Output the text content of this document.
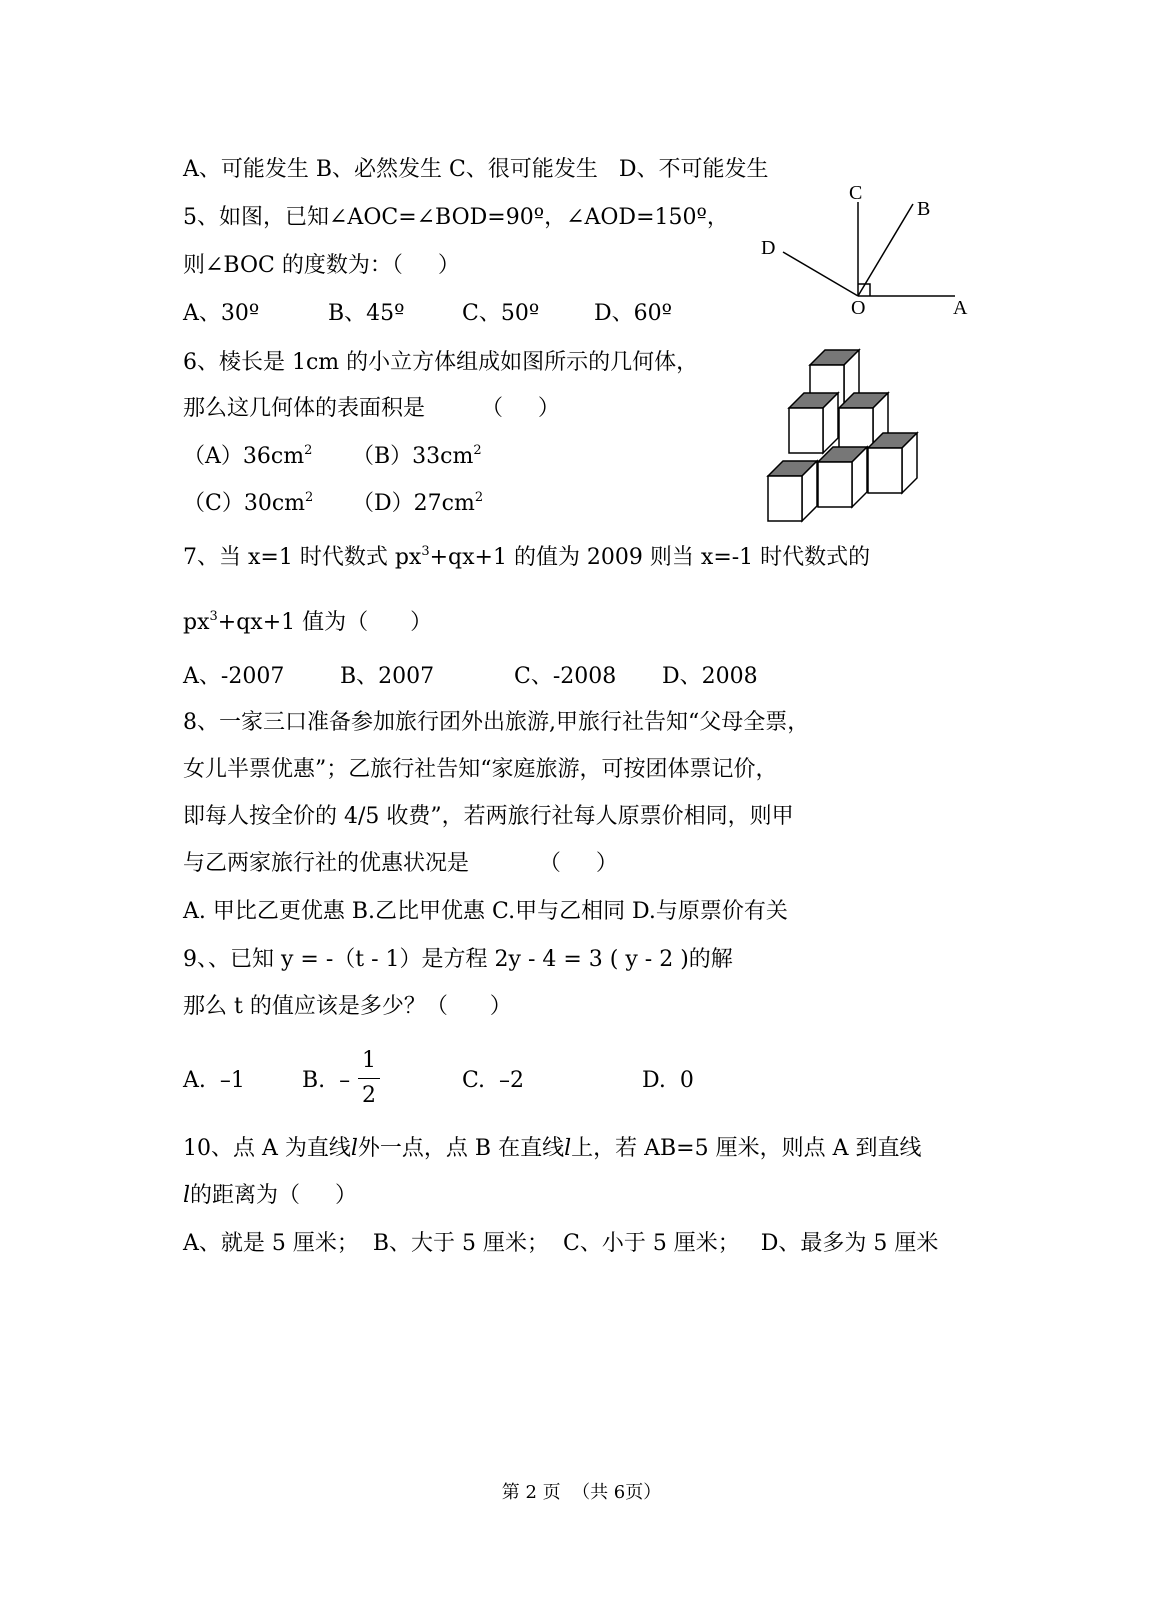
A、可能发生 B、必然发生 C、很可能发生   D、不可能发生
5、如图，已知∠AOC=∠BOD=90º，∠AOD=150º，
则∠BOC 的度数为：（     ）
A、30º	B、45º	C、50º D、60º
C
B
D
O	A
6、棱长是 1cm 的小立方体组成如图所示的几何体，
那么这几何体的表面积是        （     ）
$(A)36cm^2$ $(B)33cm^2$
$(C)30cm^2$ $(D)27cm^2$
7、当 x=1 时代数式 $px^3+qx+1$ 的值为 2009 则当 x=-1 时代数式的
$px^3+qx+1$ 值为（      ）
A、-2007	B、2007	C、-2008 D、2008
8、一家三口准备参加旅行团外出旅游,甲旅行社告知“父母全票，
女儿半票优惠”；乙旅行社告知“家庭旅游，可按团体票记价，
即每人按全价的 4/5 收费”，若两旅行社每人原票价相同，则甲
与乙两家旅行社的优惠状况是          （     ）
A. 甲比乙更优惠 B.乙比甲优惠 C.甲与乙相同 D.与原票价有关
9、、已知 y = -（t - 1）是方程 2y - 4 = 3 ( y - 2 )的解
那么 t 的值应该是多少？（      ）
A.  –1	B.  –
1
2
C.  –2	D.  0
10、点 A 为直线l外一点，点 B 在直线l上，若 AB=5 厘米，则点 A 到直线
l的距离为（     ）
A、就是 5 厘米；  B、大于 5 厘米；  C、小于 5 厘米；   D、最多为 5 厘米
第 2 页  （共 6页）
